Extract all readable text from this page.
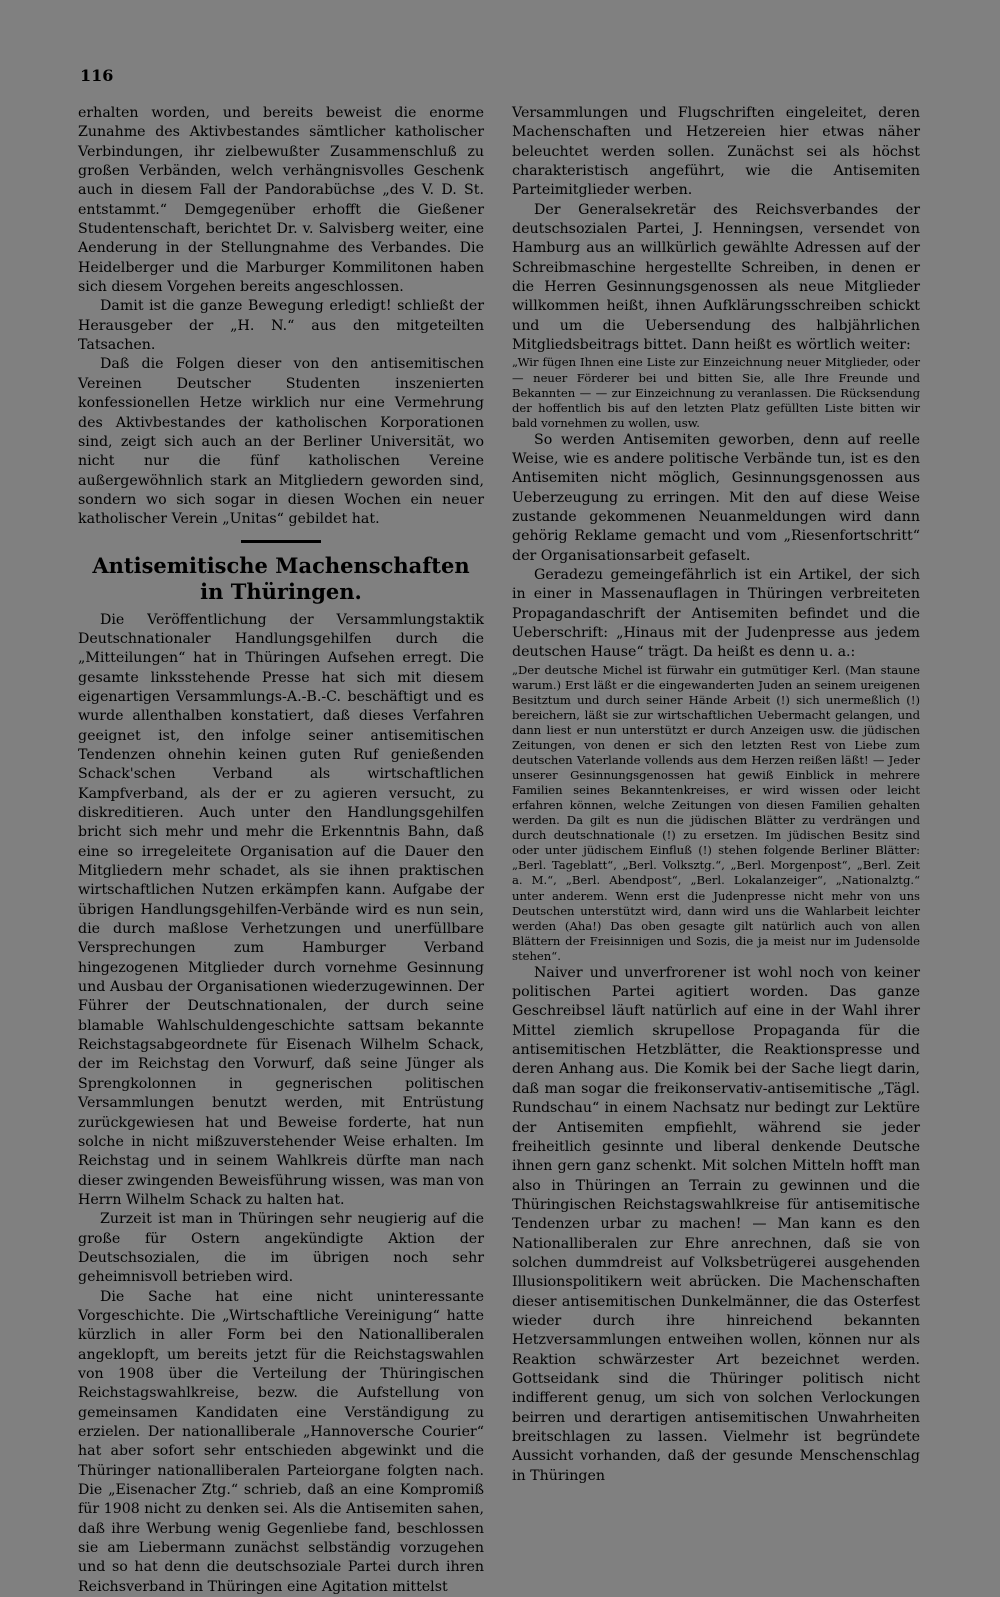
116

erhalten worden, und bereits beweist die enorme Zunahme des Aktivbestandes sämtlicher katholischer Verbindungen, ihr zielbewußter Zusammenschluß zu großen Verbänden, welch verhängnisvolles Geschenk auch in diesem Fall der Pandorabüchse „des V. D. St. entstammt.“ Demgegenüber erhofft die Gießener Studentenschaft, berichtet Dr. v. Salvisberg weiter, eine Aenderung in der Stellungnahme des Verbandes. Die Heidelberger und die Marburger Kommilitonen haben sich diesem Vorgehen bereits angeschlossen.

Damit ist die ganze Bewegung erledigt! schließt der Herausgeber der „H. N.“ aus den mitgeteilten Tatsachen.

Daß die Folgen dieser von den antisemitischen Vereinen Deutscher Studenten inszenierten konfessionellen Hetze wirklich nur eine Vermehrung des Aktivbestandes der katholischen Korporationen sind, zeigt sich auch an der Berliner Universität, wo nicht nur die fünf katholischen Vereine außergewöhnlich stark an Mitgliedern geworden sind, sondern wo sich sogar in diesen Wochen ein neuer katholischer Verein „Unitas“ gebildet hat.

Antisemitische Machenschaften in Thüringen.

Die Veröffentlichung der Versammlungstaktik Deutschnationaler Handlungsgehilfen durch die „Mitteilungen“ hat in Thüringen Aufsehen erregt. Die gesamte linksstehende Presse hat sich mit diesem eigenartigen Versammlungs-A.-B.-C. beschäftigt und es wurde allenthalben konstatiert, daß dieses Verfahren geeignet ist, den infolge seiner antisemitischen Tendenzen ohnehin keinen guten Ruf genießenden Schack'schen Verband als wirtschaftlichen Kampfverband, als der er zu agieren versucht, zu diskreditieren. Auch unter den Handlungsgehilfen bricht sich mehr und mehr die Erkenntnis Bahn, daß eine so irregeleitete Organisation auf die Dauer den Mitgliedern mehr schadet, als sie ihnen praktischen wirtschaftlichen Nutzen erkämpfen kann. Aufgabe der übrigen Handlungsgehilfen-Verbände wird es nun sein, die durch maßlose Verhetzungen und unerfüllbare Versprechungen zum Hamburger Verband hingezogenen Mitglieder durch vornehme Gesinnung und Ausbau der Organisationen wiederzugewinnen. Der Führer der Deutschnationalen, der durch seine blamable Wahlschuldengeschichte sattsam bekannte Reichstagsabgeordnete für Eisenach Wilhelm Schack, der im Reichstag den Vorwurf, daß seine Jünger als Sprengkolonnen in gegnerischen politischen Versammlungen benutzt werden, mit Entrüstung zurückgewiesen hat und Beweise forderte, hat nun solche in nicht mißzuverstehender Weise erhalten. Im Reichstag und in seinem Wahlkreis dürfte man nach dieser zwingenden Beweisführung wissen, was man von Herrn Wilhelm Schack zu halten hat.

Zurzeit ist man in Thüringen sehr neugierig auf die große für Ostern angekündigte Aktion der Deutschsozialen, die im übrigen noch sehr geheimnisvoll betrieben wird.

Die Sache hat eine nicht uninteressante Vorgeschichte. Die „Wirtschaftliche Vereinigung“ hatte kürzlich in aller Form bei den Nationalliberalen angeklopft, um bereits jetzt für die Reichstagswahlen von 1908 über die Verteilung der Thüringischen Reichstagswahlkreise, bezw. die Aufstellung von gemeinsamen Kandidaten eine Verständigung zu erzielen. Der nationalliberale „Hannoversche Courier“ hat aber sofort sehr entschieden abgewinkt und die Thüringer nationalliberalen Parteiorgane folgten nach. Die „Eisenacher Ztg.“ schrieb, daß an eine Kompromiß für 1908 nicht zu denken sei. Als die Antisemiten sahen, daß ihre Werbung wenig Gegenliebe fand, beschlossen sie am Liebermann zunächst selbständig vorzugehen und so hat denn die deutschsoziale Partei durch ihren Reichsverband in Thüringen eine Agitation mittelst

Versammlungen und Flugschriften eingeleitet, deren Machenschaften und Hetzereien hier etwas näher beleuchtet werden sollen. Zunächst sei als höchst charakteristisch angeführt, wie die Antisemiten Parteimitglieder werben.

Der Generalsekretär des Reichsverbandes der deutschsozialen Partei, J. Henningsen, versendet von Hamburg aus an willkürlich gewählte Adressen auf der Schreibmaschine hergestellte Schreiben, in denen er die Herren Gesinnungsgenossen als neue Mitglieder willkommen heißt, ihnen Aufklärungsschreiben schickt und um die Uebersendung des halbjährlichen Mitgliedsbeitrags bittet. Dann heißt es wörtlich weiter:

„Wir fügen Ihnen eine Liste zur Einzeichnung neuer Mitglieder, oder — neuer Förderer bei und bitten Sie, alle Ihre Freunde und Bekannten — — zur Einzeichnung zu veranlassen. Die Rücksendung der hoffentlich bis auf den letzten Platz gefüllten Liste bitten wir bald vornehmen zu wollen, usw.

So werden Antisemiten geworben, denn auf reelle Weise, wie es andere politische Verbände tun, ist es den Antisemiten nicht möglich, Gesinnungsgenossen aus Ueberzeugung zu erringen. Mit den auf diese Weise zustande gekommenen Neuanmeldungen wird dann gehörig Reklame gemacht und vom „Riesenfortschritt“ der Organisationsarbeit gefaselt.

Geradezu gemeingefährlich ist ein Artikel, der sich in einer in Massenauflagen in Thüringen verbreiteten Propagandaschrift der Antisemiten befindet und die Ueberschrift: „Hinaus mit der Judenpresse aus jedem deutschen Hause“ trägt. Da heißt es denn u. a.:

„Der deutsche Michel ist fürwahr ein gutmütiger Kerl. (Man staune warum.) Erst läßt er die eingewanderten Juden an seinem ureigenen Besitztum und durch seiner Hände Arbeit (!) sich unermeßlich (!) bereichern, läßt sie zur wirtschaftlichen Uebermacht gelangen, und dann liest er nun unterstützt er durch Anzeigen usw. die jüdischen Zeitungen, von denen er sich den letzten Rest von Liebe zum deutschen Vaterlande vollends aus dem Herzen reißen läßt! — Jeder unserer Gesinnungsgenossen hat gewiß Einblick in mehrere Familien seines Bekanntenkreises, er wird wissen oder leicht erfahren können, welche Zeitungen von diesen Familien gehalten werden. Da gilt es nun die jüdischen Blätter zu verdrängen und durch deutschnationale (!) zu ersetzen. Im jüdischen Besitz sind oder unter jüdischem Einfluß (!) stehen folgende Berliner Blätter: „Berl. Tageblatt“, „Berl. Volksztg.“, „Berl. Morgenpost“, „Berl. Zeit a. M.“, „Berl. Abendpost“, „Berl. Lokalanzeiger“, „Nationalztg.“ unter anderem. Wenn erst die Judenpresse nicht mehr von uns Deutschen unterstützt wird, dann wird uns die Wahlarbeit leichter werden (Aha!) Das oben gesagte gilt natürlich auch von allen Blättern der Freisinnigen und Sozis, die ja meist nur im Judensolde stehen“.

Naiver und unverfrorener ist wohl noch von keiner politischen Partei agitiert worden. Das ganze Geschreibsel läuft natürlich auf eine in der Wahl ihrer Mittel ziemlich skrupellose Propaganda für die antisemitischen Hetzblätter, die Reaktionspresse und deren Anhang aus. Die Komik bei der Sache liegt darin, daß man sogar die freikonservativ-antisemitische „Tägl. Rundschau“ in einem Nachsatz nur bedingt zur Lektüre der Antisemiten empfiehlt, während sie jeder freiheitlich gesinnte und liberal denkende Deutsche ihnen gern ganz schenkt. Mit solchen Mitteln hofft man also in Thüringen an Terrain zu gewinnen und die Thüringischen Reichstagswahlkreise für antisemitische Tendenzen urbar zu machen! — Man kann es den Nationalliberalen zur Ehre anrechnen, daß sie von solchen dummdreist auf Volksbetrügerei ausgehenden Illusionspolitikern weit abrücken. Die Machenschaften dieser antisemitischen Dunkelmänner, die das Osterfest wieder durch ihre hinreichend bekannten Hetzversammlungen entweihen wollen, können nur als Reaktion schwärzester Art bezeichnet werden. Gottseidank sind die Thüringer politisch nicht indifferent genug, um sich von solchen Verlockungen beirren und derartigen antisemitischen Unwahrheiten breitschlagen zu lassen. Vielmehr ist begründete Aussicht vorhanden, daß der gesunde Menschenschlag in Thüringen
